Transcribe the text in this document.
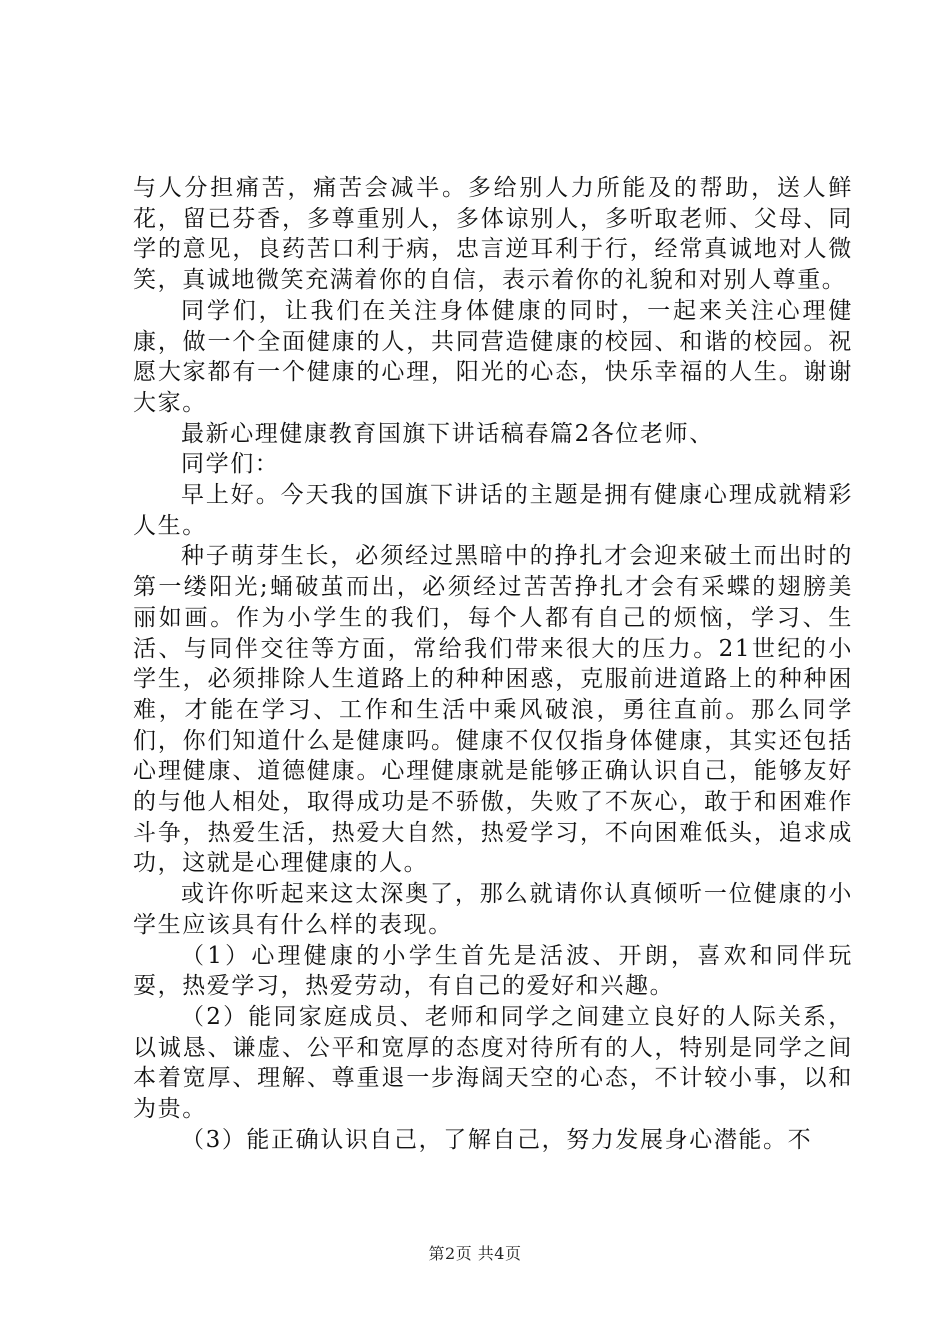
与人分担痛苦，痛苦会减半。多给别人力所能及的帮助，送人鲜花，留已芬香，多尊重别人，多体谅别人，多听取老师、父母、同学的意见，良药苦口利于病，忠言逆耳利于行，经常真诚地对人微笑，真诚地微笑充满着你的自信，表示着你的礼貌和对别人尊重。

同学们，让我们在关注身体健康的同时，一起来关注心理健康，做一个全面健康的人，共同营造健康的校园、和谐的校园。祝愿大家都有一个健康的心理，阳光的心态，快乐幸福的人生。谢谢大家。

最新心理健康教育国旗下讲话稿春篇2各位老师、

同学们：

早上好。今天我的国旗下讲话的主题是拥有健康心理成就精彩人生。

种子萌芽生长，必须经过黑暗中的挣扎才会迎来破土而出时的第一缕阳光;蛹破茧而出，必须经过苦苦挣扎才会有采蝶的翅膀美丽如画。作为小学生的我们，每个人都有自己的烦恼，学习、生活、与同伴交往等方面，常给我们带来很大的压力。21世纪的小学生，必须排除人生道路上的种种困惑，克服前进道路上的种种困难，才能在学习、工作和生活中乘风破浪，勇往直前。那么同学们，你们知道什么是健康吗。健康不仅仅指身体健康，其实还包括心理健康、道德健康。心理健康就是能够正确认识自己，能够友好的与他人相处，取得成功是不骄傲，失败了不灰心，敢于和困难作斗争，热爱生活，热爱大自然，热爱学习，不向困难低头，追求成功，这就是心理健康的人。

或许你听起来这太深奥了，那么就请你认真倾听一位健康的小学生应该具有什么样的表现。

（1）心理健康的小学生首先是活波、开朗，喜欢和同伴玩耍，热爱学习，热爱劳动，有自己的爱好和兴趣。

（2）能同家庭成员、老师和同学之间建立良好的人际关系，以诚恳、谦虚、公平和宽厚的态度对待所有的人，特别是同学之间本着宽厚、理解、尊重退一步海阔天空的心态，不计较小事，以和为贵。

（3）能正确认识自己，了解自己，努力发展身心潜能。不

第2页 共4页
